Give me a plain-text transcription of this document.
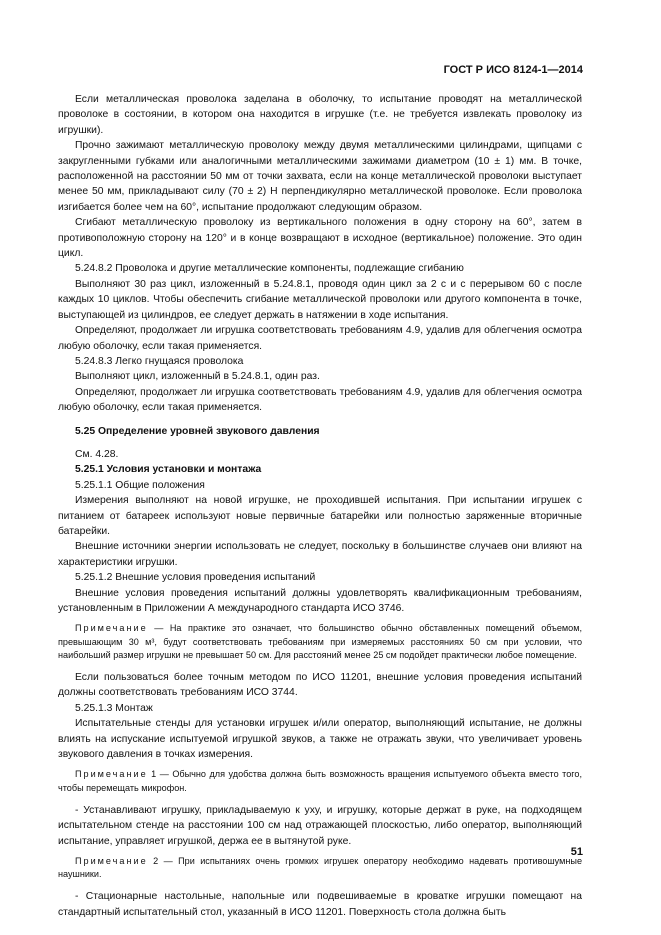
ГОСТ Р ИСО 8124-1—2014

Если металлическая проволока заделана в оболочку, то испытание проводят на металлической проволоке в состоянии, в котором она находится в игрушке (т.е. не требуется извлекать проволоку из игрушки).

Прочно зажимают металлическую проволоку между двумя металлическими цилиндрами, щипцами с закругленными губками или аналогичными металлическими зажимами диаметром (10 ± 1) мм. В точке, расположенной на расстоянии 50 мм от точки захвата, если на конце металлической проволоки выступает менее 50 мм, прикладывают силу (70 ± 2) Н перпендикулярно металлической проволоке. Если проволока изгибается более чем на 60°, испытание продолжают следующим образом.

Сгибают металлическую проволоку из вертикального положения в одну сторону на 60°, затем в противоположную сторону на 120° и в конце возвращают в исходное (вертикальное) положение. Это один цикл.

5.24.8.2 Проволока и другие металлические компоненты, подлежащие сгибанию

Выполняют 30 раз цикл, изложенный в 5.24.8.1, проводя один цикл за 2 с и с перерывом 60 с после каждых 10 циклов. Чтобы обеспечить сгибание металлической проволоки или другого компонента в точке, выступающей из цилиндров, ее следует держать в натяжении в ходе испытания.

Определяют, продолжает ли игрушка соответствовать требованиям 4.9, удалив для облегчения осмотра любую оболочку, если такая применяется.

5.24.8.3 Легко гнущаяся проволока

Выполняют цикл, изложенный в 5.24.8.1, один раз.

Определяют, продолжает ли игрушка соответствовать требованиям 4.9, удалив для облегчения осмотра любую оболочку, если такая применяется.

5.25 Определение уровней звукового давления

См. 4.28.

5.25.1 Условия установки и монтажа

5.25.1.1 Общие положения

Измерения выполняют на новой игрушке, не проходившей испытания. При испытании игрушек с питанием от батареек используют новые первичные батарейки или полностью заряженные вторичные батарейки.

Внешние источники энергии использовать не следует, поскольку в большинстве случаев они влияют на характеристики игрушки.

5.25.1.2 Внешние условия проведения испытаний

Внешние условия проведения испытаний должны удовлетворять квалификационным требованиям, установленным в Приложении А международного стандарта ИСО 3746.

Примечание — На практике это означает, что большинство обычно обставленных помещений объемом, превышающим 30 м³, будут соответствовать требованиям при измеряемых расстояниях 50 см при условии, что наибольший размер игрушки не превышает 50 см. Для расстояний менее 25 см подойдет практически любое помещение.

Если пользоваться более точным методом по ИСО 11201, внешние условия проведения испытаний должны соответствовать требованиям ИСО 3744.

5.25.1.3 Монтаж

Испытательные стенды для установки игрушек и/или оператор, выполняющий испытание, не должны влиять на испускание испытуемой игрушкой звуков, а также не отражать звуки, что увеличивает уровень звукового давления в точках измерения.

Примечание 1 — Обычно для удобства должна быть возможность вращения испытуемого объекта вместо того, чтобы перемещать микрофон.

- Устанавливают игрушку, прикладываемую к уху, и игрушку, которые держат в руке, на подходящем испытательном стенде на расстоянии 100 см над отражающей плоскостью, либо оператор, выполняющий испытание, управляет игрушкой, держа ее в вытянутой руке.

Примечание 2 — При испытаниях очень громких игрушек оператору необходимо надевать противошумные наушники.

- Стационарные настольные, напольные или подвешиваемые в кроватке игрушки помещают на стандартный испытательный стол, указанный в ИСО 11201. Поверхность стола должна быть

51
